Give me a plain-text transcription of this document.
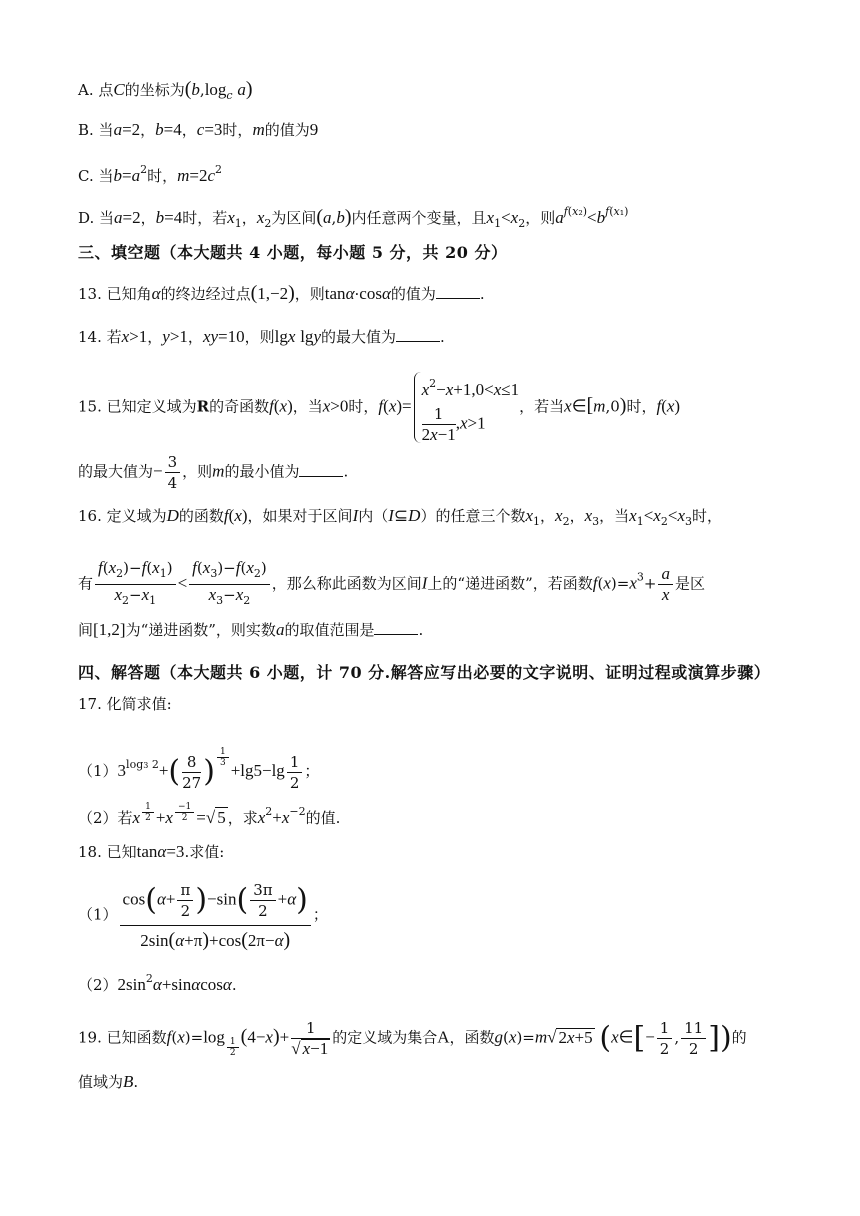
A. 点C的坐标为($b,\log_c$ a)
B. 当a=2，b=4，c=3时，m的值为9
C. 当$b=a^2$时，$m=2c^2$
D. 当a=2，b=4时，若$x_1$，$x_2$为区间(a,b)内任意两个变量，且$x_1<x_2$，则$a^{f(x_2)}<b^{f(x_1)}$
三、填空题（本大题共 4 小题，每小题 5 分，共 20 分）
13. 已知角α的终边经过点(1,−2)，则tanα·cosα的值为	.
14. 若x>1，y>1，xy=10，则lgx lgy的最大值为	.
15. 已知定义域为R的奇函数f(x)，当x>0时，f(x)=
$x^2-x+1,0<x\le 1$
$\frac{1}{2x-1} ,x>1$
，若当x∈[m,0)时，f(x)
的最大值为− $\frac{3}{4}$ ，则m的最小值为	.
16. 定义域为D的函数f(x)，如果对于区间I内（I⊆D）的任意三个数$x_1$，$x_2$，$x_3$，当$x_1<x_2<x_3$时，
有 $\frac{f(x_2)-f(x_1)}{x_2-x_1} < \frac{f(x_3)-f(x_2)}{x_3-x_2}$ ，那么称此函数为区间I上的“递进函数”，若函数$f(x)=x^3+ \frac{a}{x}$ 是区
间[1,2]为“递进函数”，则实数a的取值范围是	.
四、解答题（本大题共 6 小题，计 70 分.解答应写出必要的文字说明、证明过程或演算步骤）
17. 化简求值:
$(1)3^{log3 2}+( \frac{8}{27}$ ) $^{\frac{1}{3}}$
$+\lg 5-\lg \frac{1}{2}$ ；
（2）若x $^{\frac{1}{2}}$ +x $^{\frac{-1}{2}}$ =√ 5 ，求$x^2+x^{-2}$的值.
18. 已知tanα=3.求值:
$(1) \frac{\cos(\alpha+ \frac{\pi}{2} )-\sin( \frac{3\pi}{2} +\alpha)}{2\sin(\alpha+\pi)+\cos(2\pi-\alpha)}$ ；
$(2)2\sin^2\alpha+\sin\alpha\cos\alpha$.
19. 已知函数f(x)=log $_{\frac{1}{2}}$ $(4-x)+ \frac{1}{√ x-1}$ 的定义域为集合A，函数g(x)=m√ 2x+5 (x∈[− $\frac{1}{2}$ , $\frac{11}{2}$ ])的
值域为B.
